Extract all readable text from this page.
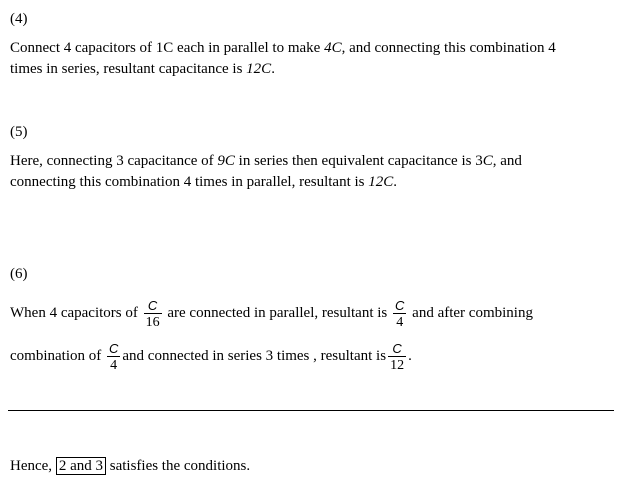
(4)
Connect 4 capacitors of 1C each in parallel to make 4C, and connecting this combination 4
times in series, resultant capacitance is 12C.
(5)
Here, connecting 3 capacitance of 9C in series then equivalent capacitance is 3C, and
connecting this combination 4 times in parallel, resultant is 12C.
(6)
When 4 capacitors of $\frac{C}{16}$ are connected in parallel, resultant is $\frac{C}{4}$ and after combining
combination of $\frac{C}{4}$ and connected in series 3 times , resultant is $\frac{C}{12}$ .
Hence, 2 and 3 satisfies the conditions.
